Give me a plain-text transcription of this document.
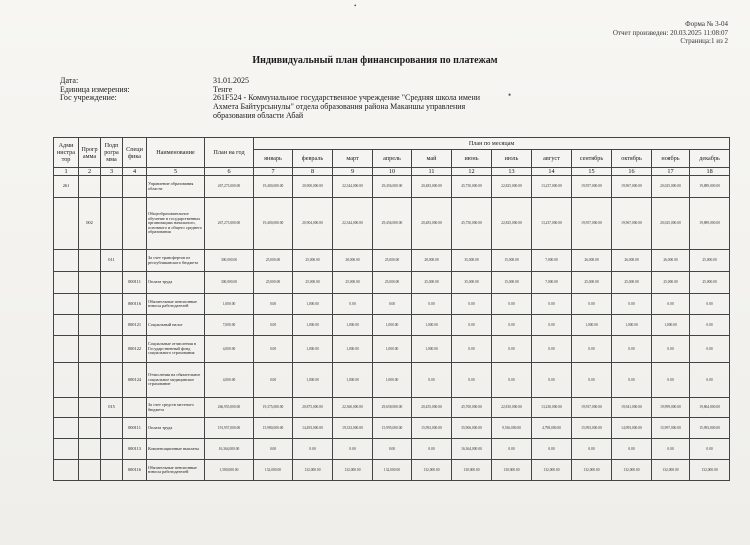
•
Форма № 3-04
Отчет произведен: 20.03.2025 11:08:07
Страница:1 из 2
Индивидуальный план финансирования по платежам
Дата:	31.01.2025
Единица измерения:	Тенге
Гос учреждение:	261F524 - Коммунальное государственное учреждение "Средняя школа имени
Ахмета Байтурсынулы" отдела образования района Маканшы управления
образования области Абай
Адми нистра тор	Прогр амма	Подп рогра мма	Специ фика	Наименование	План на год	План по месяцам											
						январь	февраль	март	апрель	май	июнь	июль	август	сентябрь	октябрь	ноябрь	декабрь
1	2	3	4	5	6	7	8	9	10	11	12	13	14	15	16	17	18
261				Управление образования области	267,273,000.00	19,400,000.00	20,900,000.00	22,344,000.00	29,456,000.00	20,483,000.00	45,750,000.00	22,825,000.00	13,237,000.00	19,957,000.00	19,967,000.00	20,025,000.00	19,889,000.00
	002			Общеобразовательное обучение в государственных организациях начального, основного и общего среднего образования	267,273,000.00	19,400,000.00	20,904,000.00	22,344,000.00	29,456,000.00	20,483,000.00	45,750,000.00	22,825,000.00	13,237,000.00	19,957,000.00	19,967,000.00	20,025,000.00	19,889,000.00
		011		За счет трансфертов из республиканского бюджета	300,000.00	25,000.00	25,000.00	28,000.00	25,000.00	28,000.00	35,000.00	15,000.00	7,000.00	26,000.00	26,000.00	26,000.00	25,000.00
			000111	Оплата труда	300,000.00	25,000.00	25,000.00	25,000.00	25,000.00	25,000.00	35,000.00	15,000.00	7,000.00	25,000.00	25,000.00	25,000.00	25,000.00
			000116	Обязательные пенсионные взносы работодателей	1,000.00	0.00	1,000.00	0.00	0.00	0.00	0.00	0.00	0.00	0.00	0.00	0.00	0.00
			000121	Социальный налог	7,000.00	0.00	1,000.00	1,000.00	1,000.00	1,000.00	0.00	0.00	0.00	1,000.00	1,000.00	1,000.00	0.00
			000122	Социальные отчисления в Государственный фонд социального страхования	4,000.00	0.00	1,000.00	1,000.00	1,000.00	1,000.00	0.00	0.00	0.00	0.00	0.00	0.00	0.00
			000124	Отчисления на обязательное социальное медицинское страхование	4,000.00	0.00	1,000.00	1,000.00	1,000.00	0.00	0.00	0.00	0.00	0.00	0.00	0.00	0.00
		015		За счет средств местного бюджета	266,955,000.00	19,375,000.00	20,875,000.00	22,360,000.00	29,658,000.00	20,455,000.00	45,700,000.00	22,810,000.00	13,230,000.00	19,937,000.00	19,941,000.00	19,999,000.00	19,864,000.00
			000111	Оплата труда	191,957,000.00	15,980,000.00	14,493,000.00	19,333,000.00	15,995,000.00	15,992,000.00	35,906,000.00	9,536,000.00	4,798,000.00	15,993,000.00	14,993,000.00	15,997,000.00	15,993,000.00
			000113	Компенсационные выплаты	16,364,000.00	0.00	0.00	0.00	0.00	0.00	16,364,000.00	0.00	0.00	0.00	0.00	0.00	0.00
			000116	Обязательные пенсионные взносы работодателей	1,580,000.00	132,000.00	132,000.00	132,000.00	132,000.00	132,000.00	130,000.00	130,000.00	132,000.00	132,000.00	132,000.00	132,000.00	132,000.00
•
